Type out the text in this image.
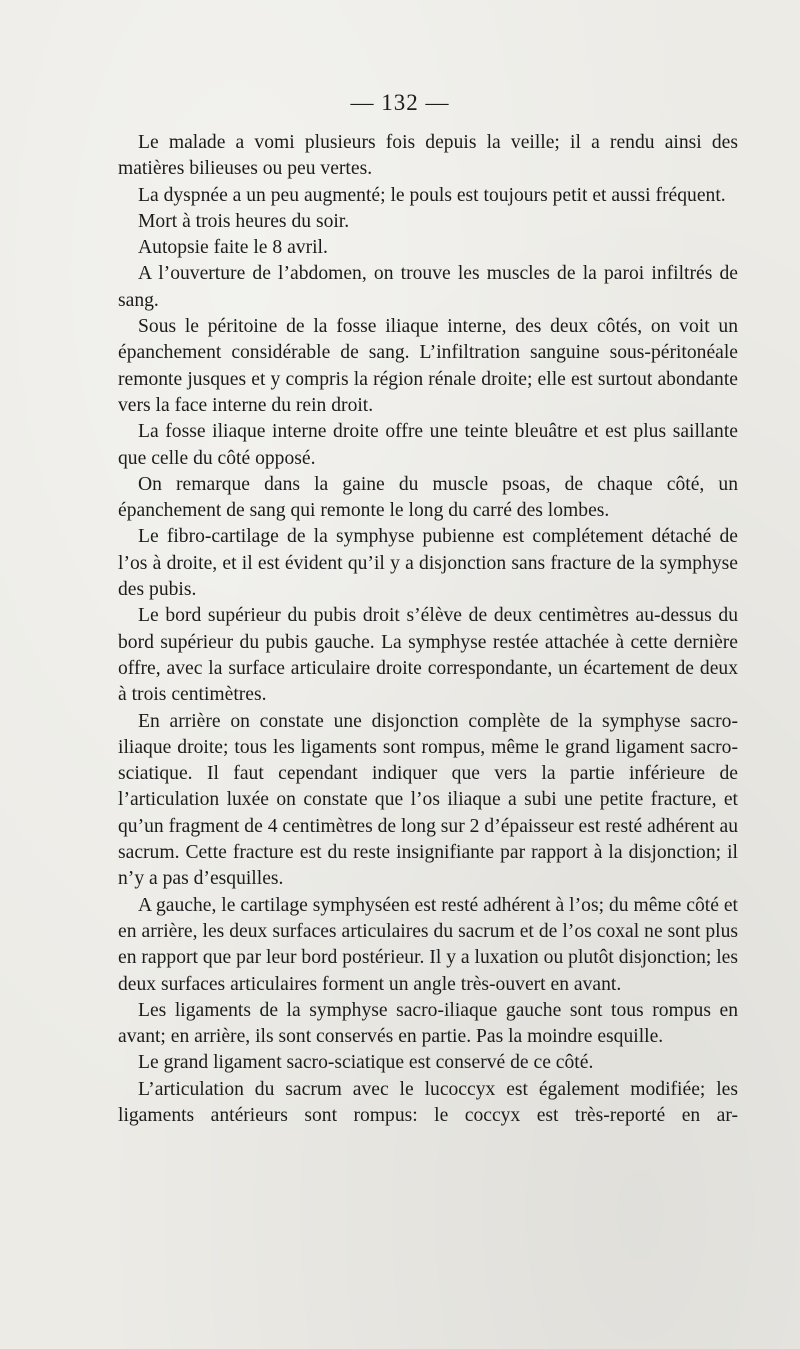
— 132 —

Le malade a vomi plusieurs fois depuis la veille; il a rendu ainsi des matières bilieuses ou peu vertes.

La dyspnée a un peu augmenté; le pouls est toujours petit et aussi fréquent.

Mort à trois heures du soir.

Autopsie faite le 8 avril.

A l’ouverture de l’abdomen, on trouve les muscles de la paroi infiltrés de sang.

Sous le péritoine de la fosse iliaque interne, des deux côtés, on voit un épanchement considérable de sang. L’infiltration sanguine sous-péritonéale remonte jusques et y compris la région rénale droite; elle est surtout abondante vers la face interne du rein droit.

La fosse iliaque interne droite offre une teinte bleuâtre et est plus saillante que celle du côté opposé.

On remarque dans la gaine du muscle psoas, de chaque côté, un épanchement de sang qui remonte le long du carré des lombes.

Le fibro-cartilage de la symphyse pubienne est complétement détaché de l’os à droite, et il est évident qu’il y a disjonction sans fracture de la symphyse des pubis.

Le bord supérieur du pubis droit s’élève de deux centimètres au-dessus du bord supérieur du pubis gauche. La symphyse restée attachée à cette dernière offre, avec la surface articulaire droite correspondante, un écartement de deux à trois centimètres.

En arrière on constate une disjonction complète de la symphyse sacro-iliaque droite; tous les ligaments sont rompus, même le grand ligament sacro-sciatique. Il faut cependant indiquer que vers la partie inférieure de l’articulation luxée on constate que l’os iliaque a subi une petite fracture, et qu’un fragment de 4 centimètres de long sur 2 d’épaisseur est resté adhérent au sacrum. Cette fracture est du reste insignifiante par rapport à la disjonction; il n’y a pas d’esquilles.

A gauche, le cartilage symphyséen est resté adhérent à l’os; du même côté et en arrière, les deux surfaces articulaires du sacrum et de l’os coxal ne sont plus en rapport que par leur bord postérieur. Il y a luxation ou plutôt disjonction; les deux surfaces articulaires forment un angle très-ouvert en avant.

Les ligaments de la symphyse sacro-iliaque gauche sont tous rompus en avant; en arrière, ils sont conservés en partie. Pas la moindre esquille.

Le grand ligament sacro-sciatique est conservé de ce côté.

L’articulation du sacrum avec le lucoccyx est également modifiée; les ligaments antérieurs sont rompus: le coccyx est très-reporté en ar-
